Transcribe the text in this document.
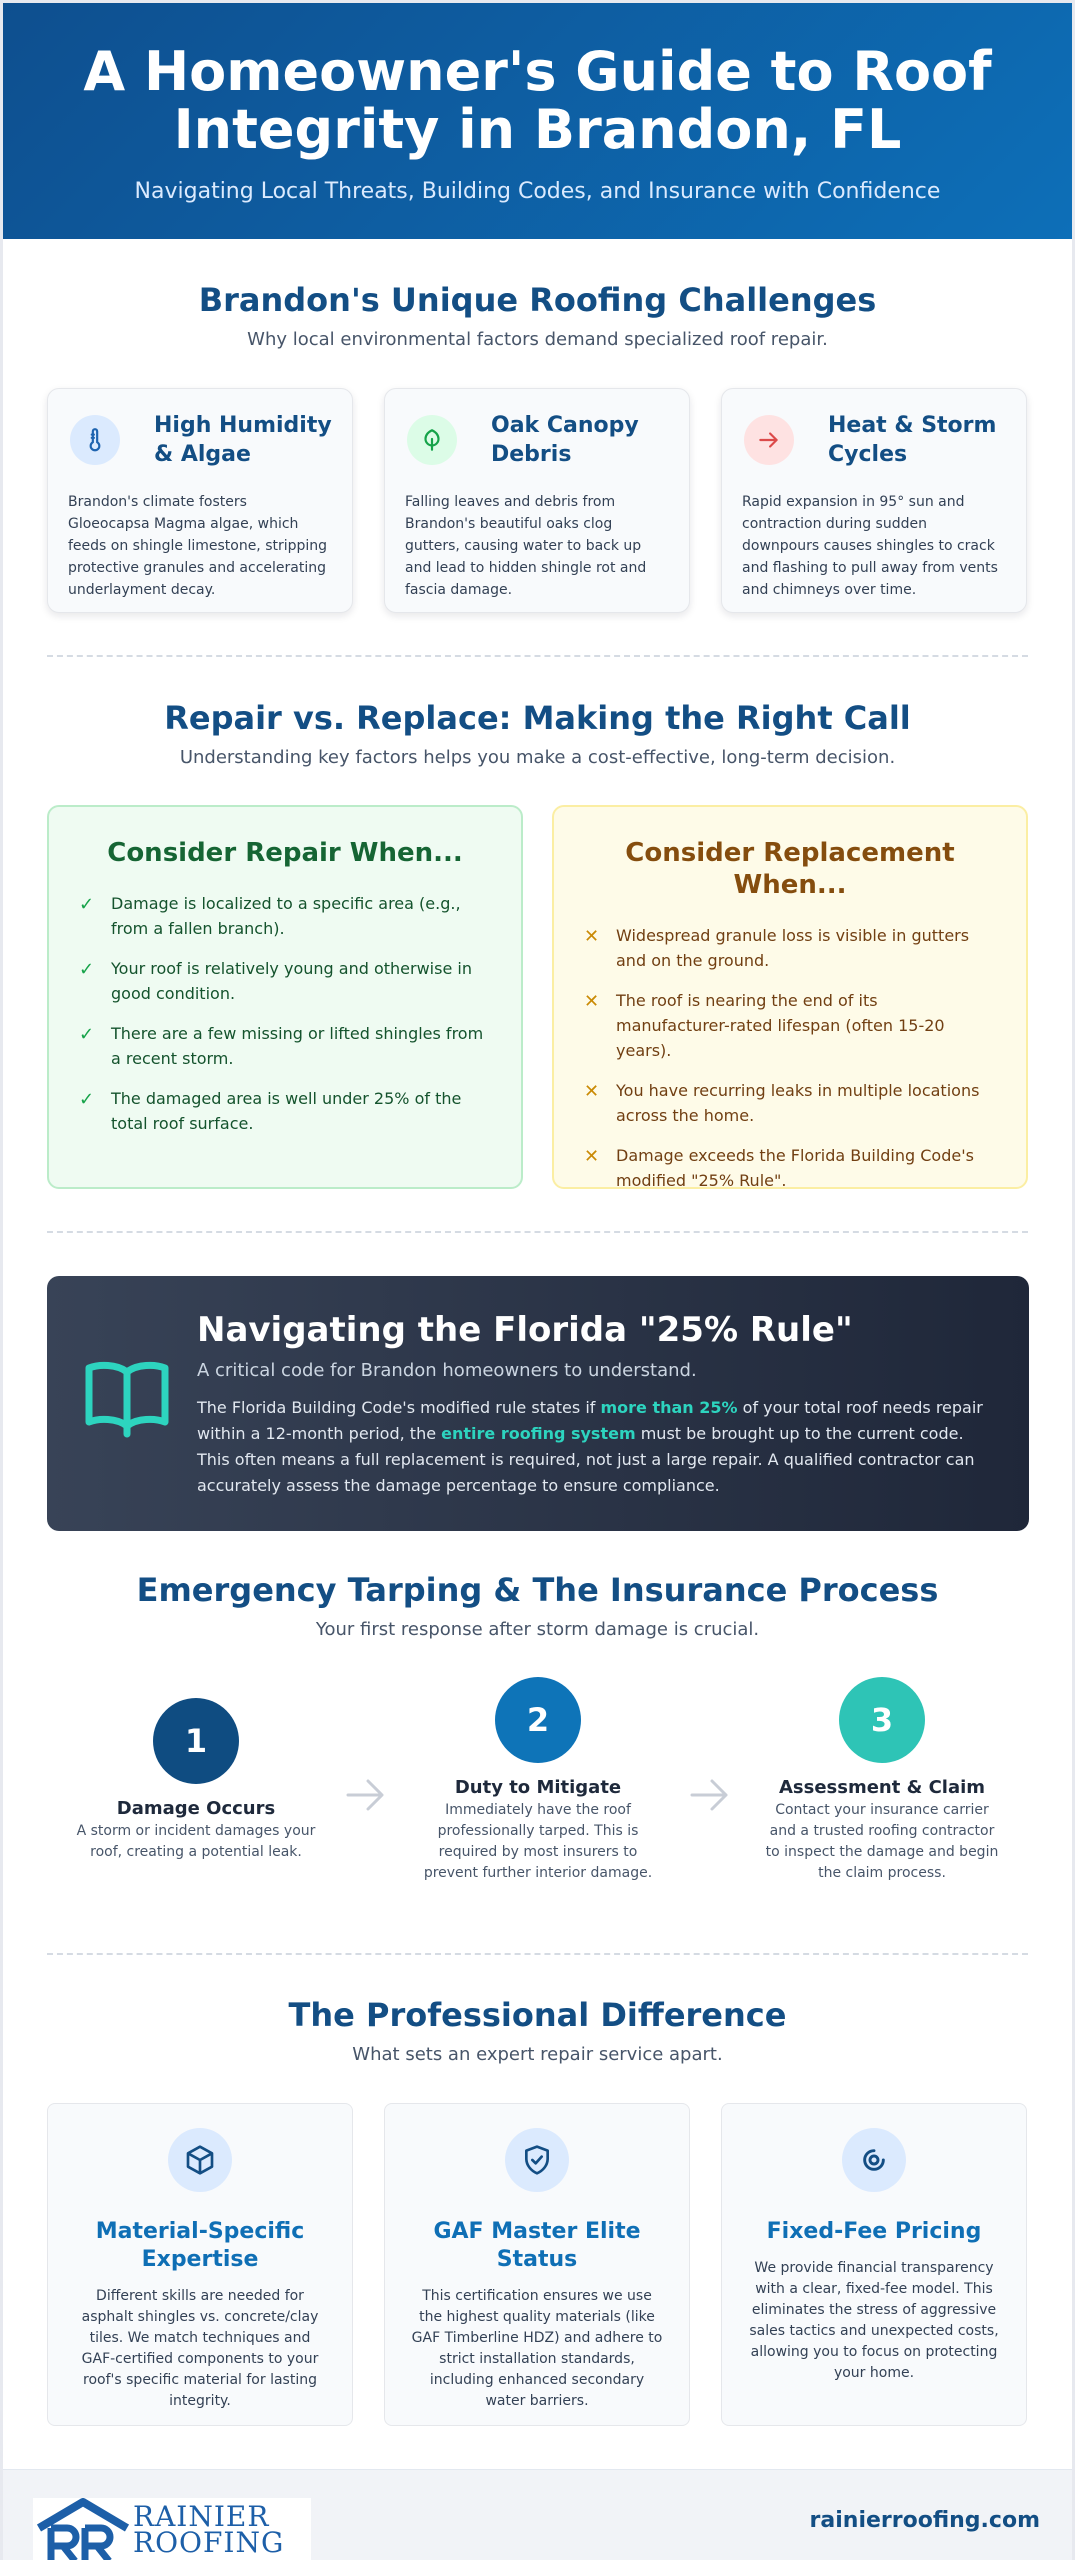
A Homeowner's Guide to Roof
Integrity in Brandon, FL
Navigating Local Threats, Building Codes, and Insurance with Confidence
Brandon's Unique Roofing Challenges
Why local environmental factors demand specialized roof repair.
High Humidity & Algae

Brandon's climate fosters Gloeocapsa Magma algae, which feeds on shingle limestone, stripping protective granules and accelerating underlayment decay.

Oak Canopy Debris

Falling leaves and debris from Brandon's beautiful oaks clog gutters, causing water to back up and lead to hidden shingle rot and fascia damage.

Heat & Storm Cycles

Rapid expansion in 95° sun and contraction during sudden downpours causes shingles to crack and flashing to pull away from vents and chimneys over time.

Repair vs. Replace: Making the Right Call
Understanding key factors helps you make a cost-effective, long-term decision.
Consider Repair When...
✓ Damage is localized to a specific area (e.g., from a fallen branch).
✓ Your roof is relatively young and otherwise in good condition.
✓ There are a few missing or lifted shingles from a recent storm.
✓ The damaged area is well under 25% of the total roof surface.
Consider Replacement When...
✕ Widespread granule loss is visible in gutters and on the ground.
✕ The roof is nearing the end of its manufacturer-rated lifespan (often 15-20 years).
✕ You have recurring leaks in multiple locations across the home.
✕ Damage exceeds the Florida Building Code's modified "25% Rule".
Navigating the Florida "25% Rule"
A critical code for Brandon homeowners to understand.
The Florida Building Code's modified rule states if more than 25% of your total roof needs repair within a 12-month period, the entire roofing system must be brought up to the current code. This often means a full replacement is required, not just a large repair. A qualified contractor can accurately assess the damage percentage to ensure compliance.
Emergency Tarping & The Insurance Process
Your first response after storm damage is crucial.
1
Damage Occurs

A storm or incident damages your roof, creating a potential leak.

2
Duty to Mitigate

Immediately have the roof professionally tarped. This is required by most insurers to prevent further interior damage.

3
Assessment & Claim

Contact your insurance carrier and a trusted roofing contractor to inspect the damage and begin the claim process.

The Professional Difference
What sets an expert repair service apart.
Material-Specific Expertise

Different skills are needed for asphalt shingles vs. concrete/clay tiles. We match techniques and GAF-certified components to your roof's specific material for lasting integrity.

GAF Master Elite Status

This certification ensures we use the highest quality materials (like GAF Timberline HDZ) and adhere to strict installation standards, including enhanced secondary water barriers.

Fixed-Fee Pricing

We provide financial transparency with a clear, fixed-fee model. This eliminates the stress of aggressive sales tactics and unexpected costs, allowing you to focus on protecting your home.

RAINIER
ROOFING
rainierroofing.com
